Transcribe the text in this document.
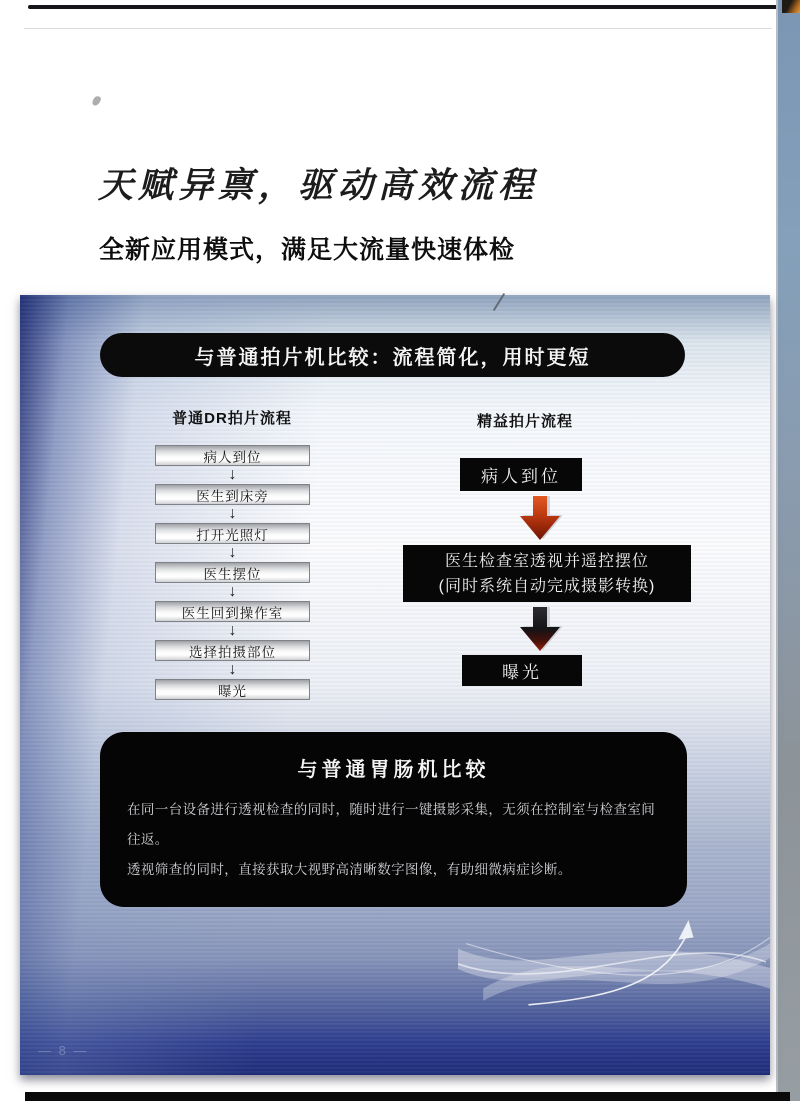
天赋异禀，驱动高效流程
全新应用模式，满足大流量快速体检
与普通拍片机比较：流程简化，用时更短
普通DR拍片流程	精益拍片流程
病人到位
↓
医生到床旁
↓
打开光照灯
↓
医生摆位
↓
医生回到操作室
↓
选择拍摄部位
↓
曝光
病人到位
医生检查室透视并遥控摆位
(同时系统自动完成摄影转换)
曝光
与普通胃肠机比较
在同一台设备进行透视检查的同时，随时进行一键摄影采集，无须在控制室与检查室间往返。
透视筛查的同时，直接获取大视野高清晰数字图像，有助细微病症诊断。
— 8 —
